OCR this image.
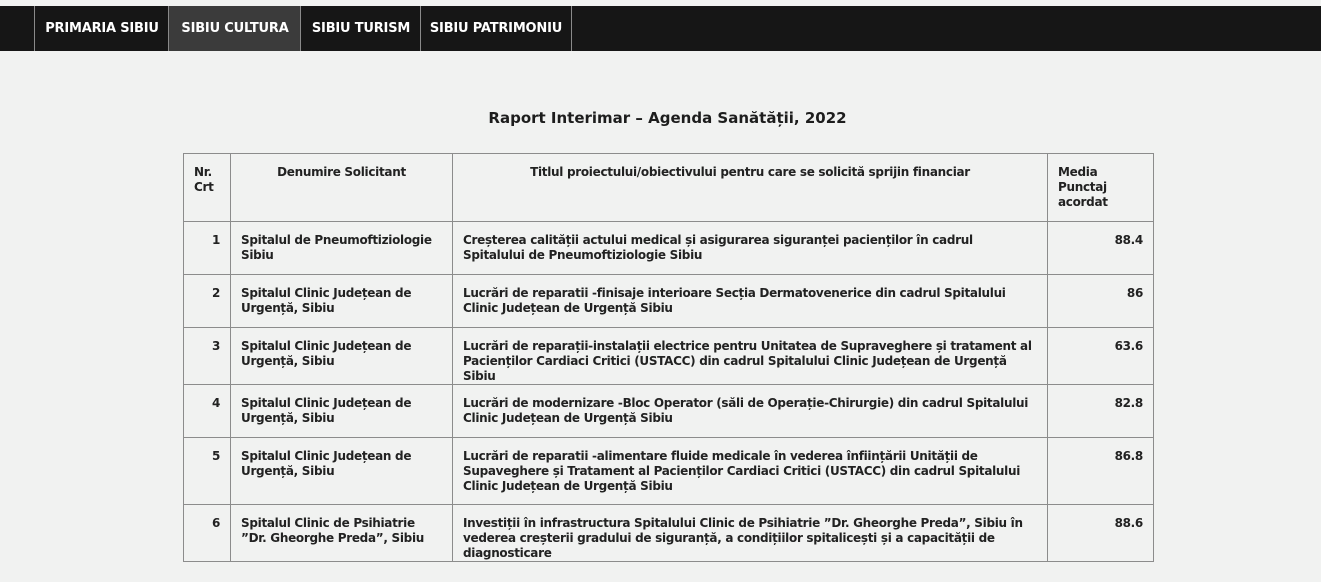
PRIMARIA SIBIU	SIBIU CULTURA	SIBIU TURISM	SIBIU PATRIMONIU
Raport Interimar – Agenda Sanătății, 2022
Nr. Crt	Denumire Solicitant	Titlul proiectului/obiectivului pentru care se solicită sprijin financiar	Media Punctaj acordat
1	Spitalul de Pneumoftiziologie Sibiu	Creșterea calității actului medical și asigurarea siguranței pacienților în cadrul Spitalului de Pneumoftiziologie Sibiu	88.4
2	Spitalul Clinic Județean de Urgență, Sibiu	Lucrări de reparatii -finisaje interioare Secția Dermatovenerice din cadrul Spitalului Clinic Județean de Urgență Sibiu	86
3	Spitalul Clinic Județean de Urgență, Sibiu	Lucrări de reparații-instalații electrice pentru Unitatea de Supraveghere și tratament al Pacienților Cardiaci Critici (USTACC) din cadrul Spitalului Clinic Județean de Urgență Sibiu	63.6
4	Spitalul Clinic Județean de Urgență, Sibiu	Lucrări de modernizare -Bloc Operator (săli de Operație-Chirurgie) din cadrul Spitalului Clinic Județean de Urgență Sibiu	82.8
5	Spitalul Clinic Județean de Urgență, Sibiu	Lucrări de reparatii -alimentare fluide medicale în vederea înființării Unității de Supaveghere și Tratament al Pacienților Cardiaci Critici (USTACC) din cadrul Spitalului Clinic Județean de Urgență Sibiu	86.8
6	Spitalul Clinic de Psihiatrie ”Dr. Gheorghe Preda”, Sibiu	Investiții în infrastructura Spitalului Clinic de Psihiatrie ”Dr. Gheorghe Preda”, Sibiu în vederea creșterii gradului de siguranță, a condițiilor spitalicești și a capacității de diagnosticare	88.6
